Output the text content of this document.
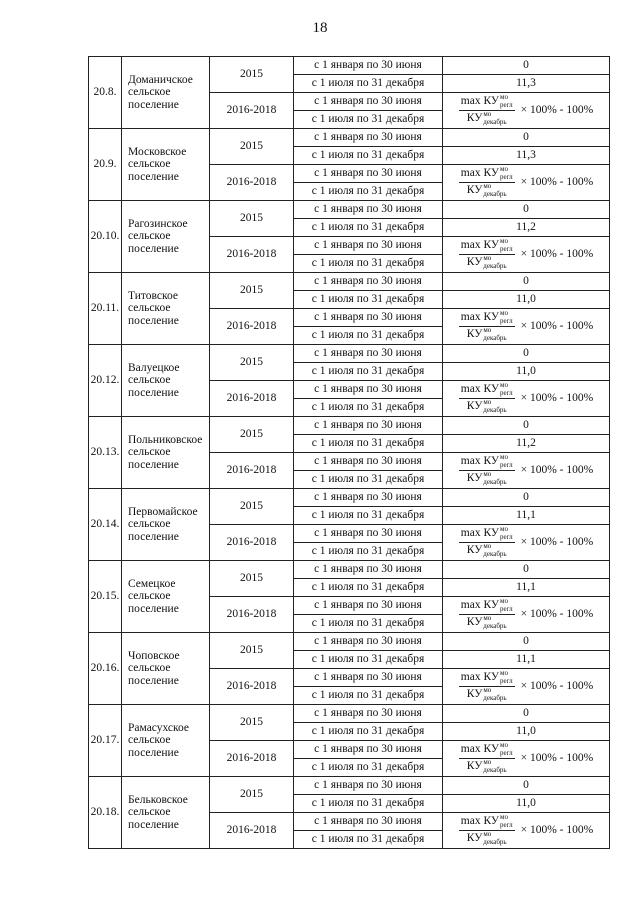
18
20.8.	Доманичское сельское поселение	2015	с 1 января по 30 июня	0
			с 1 июля по 31 декабря	11,3
		2016-2018	с 1 января по 30 июня	$\frac{\max КУ^{мо}_{регл}}{КУ^{мо}_{декабрь}} \times 100\% - 100\%$

			с 1 июля по 31 декабря	
20.9.	Московское сельское поселение	2015	с 1 января по 30 июня	0
			с 1 июля по 31 декабря	11,3
		2016-2018	с 1 января по 30 июня	$\frac{\max КУ^{мо}_{регл}}{КУ^{мо}_{декабрь}} \times 100\% - 100\%$

			с 1 июля по 31 декабря	
20.10.	Рагозинское сельское поселение	2015	с 1 января по 30 июня	0
			с 1 июля по 31 декабря	11,2
		2016-2018	с 1 января по 30 июня	$\frac{\max КУ^{мо}_{регл}}{КУ^{мо}_{декабрь}} \times 100\% - 100\%$

			с 1 июля по 31 декабря	
20.11.	Титовское сельское поселение	2015	с 1 января по 30 июня	0
			с 1 июля по 31 декабря	11,0
		2016-2018	с 1 января по 30 июня	$\frac{\max КУ^{мо}_{регл}}{КУ^{мо}_{декабрь}} \times 100\% - 100\%$

			с 1 июля по 31 декабря	
20.12.	Валуецкое сельское поселение	2015	с 1 января по 30 июня	0
			с 1 июля по 31 декабря	11,0
		2016-2018	с 1 января по 30 июня	$\frac{\max КУ^{мо}_{регл}}{КУ^{мо}_{декабрь}} \times 100\% - 100\%$

			с 1 июля по 31 декабря	
20.13.	Польниковское сельское поселение	2015	с 1 января по 30 июня	0
			с 1 июля по 31 декабря	11,2
		2016-2018	с 1 января по 30 июня	$\frac{\max КУ^{мо}_{регл}}{КУ^{мо}_{декабрь}} \times 100\% - 100\%$

			с 1 июля по 31 декабря	
20.14.	Первомайское сельское поселение	2015	с 1 января по 30 июня	0
			с 1 июля по 31 декабря	11,1
		2016-2018	с 1 января по 30 июня	$\frac{\max КУ^{мо}_{регл}}{КУ^{мо}_{декабрь}} \times 100\% - 100\%$

			с 1 июля по 31 декабря	
20.15.	Семецкое сельское поселение	2015	с 1 января по 30 июня	0
			с 1 июля по 31 декабря	11,1
		2016-2018	с 1 января по 30 июня	$\frac{\max КУ^{мо}_{регл}}{КУ^{мо}_{декабрь}} \times 100\% - 100\%$

			с 1 июля по 31 декабря	
20.16.	Чоповское сельское поселение	2015	с 1 января по 30 июня	0
			с 1 июля по 31 декабря	11,1
		2016-2018	с 1 января по 30 июня	$\frac{\max КУ^{мо}_{регл}}{КУ^{мо}_{декабрь}} \times 100\% - 100\%$

			с 1 июля по 31 декабря	
20.17.	Рамасухское сельское поселение	2015	с 1 января по 30 июня	0
			с 1 июля по 31 декабря	11,0
		2016-2018	с 1 января по 30 июня	$\frac{\max КУ^{мо}_{регл}}{КУ^{мо}_{декабрь}} \times 100\% - 100\%$

			с 1 июля по 31 декабря	
20.18.	Бельковское сельское поселение	2015	с 1 января по 30 июня	0
			с 1 июля по 31 декабря	11,0
		2016-2018	с 1 января по 30 июня	$\frac{\max КУ^{мо}_{регл}}{КУ^{мо}_{декабрь}} \times 100\% - 100\%$

			с 1 июля по 31 декабря	
